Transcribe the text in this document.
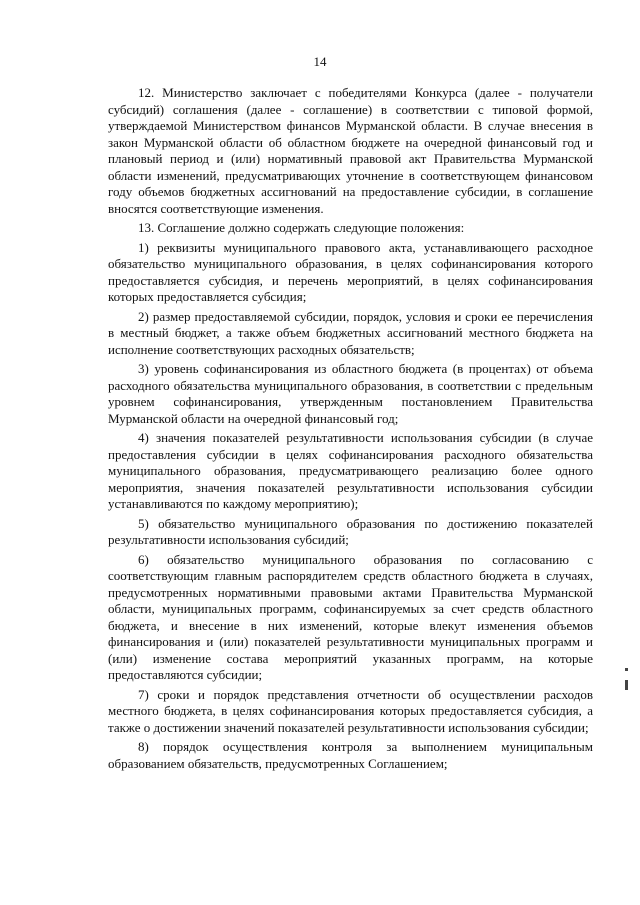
14

12. Министерство заключает с победителями Конкурса (далее - получатели субсидий) соглашения (далее - соглашение) в соответствии с типовой формой, утверждаемой Министерством финансов Мурманской области. В случае внесения в закон Мурманской области об областном бюджете на очередной финансовый год и плановый период и (или) нормативный правовой акт Правительства Мурманской области изменений, предусматривающих уточнение в соответствующем финансовом году объемов бюджетных ассигнований на предоставление субсидии, в соглашение вносятся соответствующие изменения.

13. Соглашение должно содержать следующие положения:

1) реквизиты муниципального правового акта, устанавливающего расходное обязательство муниципального образования, в целях софинансирования которого предоставляется субсидия, и перечень мероприятий, в целях софинансирования которых предоставляется субсидия;

2) размер предоставляемой субсидии, порядок, условия и сроки ее перечисления в местный бюджет, а также объем бюджетных ассигнований местного бюджета на исполнение соответствующих расходных обязательств;

3) уровень софинансирования из областного бюджета (в процентах) от объема расходного обязательства муниципального образования, в соответствии с предельным уровнем софинансирования, утвержденным постановлением Правительства Мурманской области на очередной финансовый год;

4) значения показателей результативности использования субсидии (в случае предоставления субсидии в целях софинансирования расходного обязательства муниципального образования, предусматривающего реализацию более одного мероприятия, значения показателей результативности использования субсидии устанавливаются по каждому мероприятию);

5) обязательство муниципального образования по достижению показателей результативности использования субсидий;

6) обязательство муниципального образования по согласованию с соответствующим главным распорядителем средств областного бюджета в случаях, предусмотренных нормативными правовыми актами Правительства Мурманской области, муниципальных программ, софинансируемых за счет средств областного бюджета, и внесение в них изменений, которые влекут изменения объемов финансирования и (или) показателей результативности муниципальных программ и (или) изменение состава мероприятий указанных программ, на которые предоставляются субсидии;

7) сроки и порядок представления отчетности об осуществлении расходов местного бюджета, в целях софинансирования которых предоставляется субсидия, а также о достижении значений показателей результативности использования субсидии;

8) порядок осуществления контроля за выполнением муниципальным образованием обязательств, предусмотренных Соглашением;
